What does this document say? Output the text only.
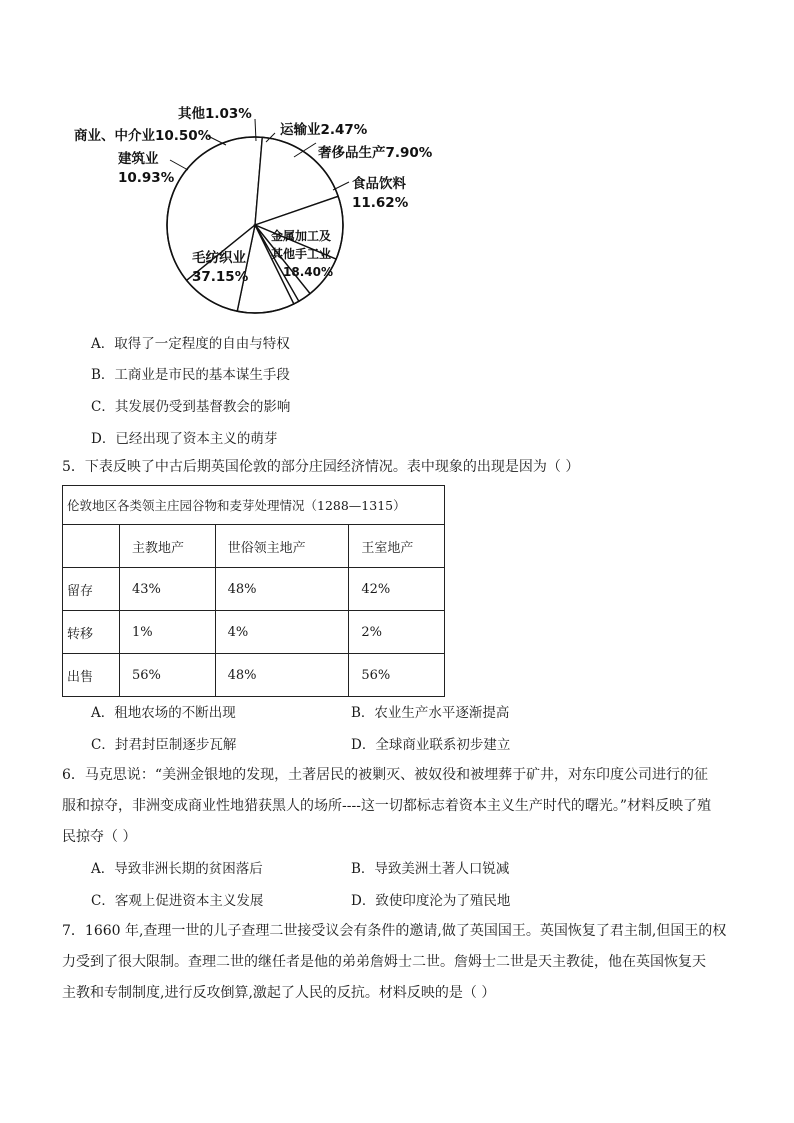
其他1.03%
运输业2.47%
商业、中介业10.50%
奢侈品生产7.90%
建筑业
10.93%	食品饮料
11.62%
金属加工及
其他手工业
18.40%
毛纺织业
37.15%
A．取得了一定程度的自由与特权
B．工商业是市民的基本谋生手段
C．其发展仍受到基督教会的影响
D．已经出现了资本主义的萌芽
5．下表反映了中古后期英国伦敦的部分庄园经济情况。表中现象的出现是因为（ ）
伦敦地区各类领主庄园谷物和麦芽处理情况（1288—1315）			
	主教地产	世俗领主地产	王室地产
留存	43%	48%	42%
转移	1%	4%	2%
出售	56%	48%	56%
A．租地农场的不断出现	B．农业生产水平逐渐提高
C．封君封臣制逐步瓦解	D．全球商业联系初步建立
6．马克思说：“美洲金银地的发现，土著居民的被剿灭、被奴役和被埋葬于矿井，对东印度公司进行的征
服和掠夺，非洲变成商业性地猎获黑人的场所----这一切都标志着资本主义生产时代的曙光。”材料反映了殖
民掠夺（ ）
A．导致非洲长期的贫困落后	B．导致美洲土著人口锐减
C．客观上促进资本主义发展	D．致使印度沦为了殖民地
7．1660 年,查理一世的儿子查理二世接受议会有条件的邀请,做了英国国王。英国恢复了君主制,但国王的权
力受到了很大限制。查理二世的继任者是他的弟弟詹姆士二世。詹姆士二世是天主教徒，他在英国恢复天
主教和专制制度,进行反攻倒算,激起了人民的反抗。材料反映的是（ ）
